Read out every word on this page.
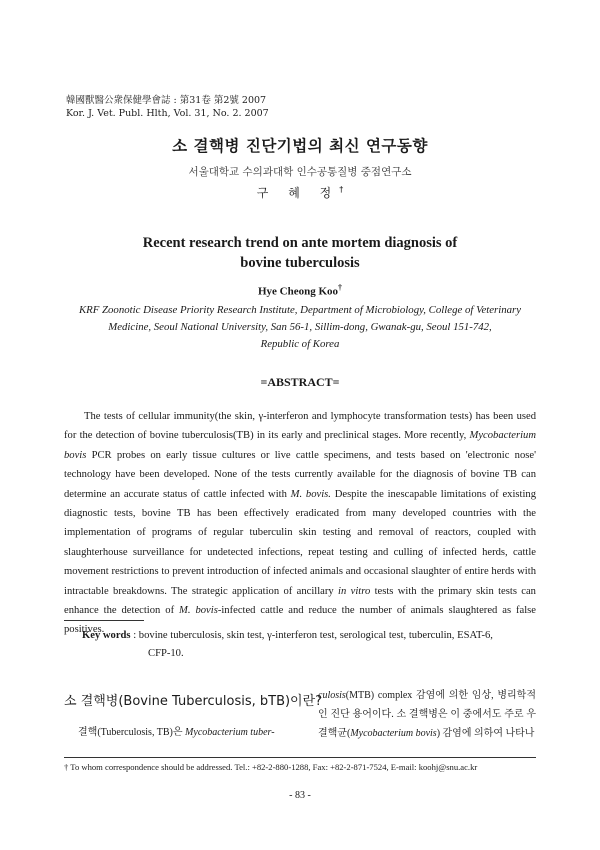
韓國獸醫公衆保健學會誌 : 第31卷 第2號 2007
Kor. J. Vet. Publ. Hlth, Vol. 31, No. 2. 2007
소 결핵병 진단기법의 최신 연구동향
서울대학교 수의과대학 인수공통질병 중점연구소
구 혜 정†
Recent research trend on ante mortem diagnosis of
bovine tuberculosis
Hye Cheong Koo†
KRF Zoonotic Disease Priority Research Institute, Department of Microbiology, College of Veterinary
Medicine, Seoul National University, San 56-1, Sillim-dong, Gwanak-gu, Seoul 151-742,
Republic of Korea
=ABSTRACT=

The tests of cellular immunity(the skin, γ-interferon and lymphocyte transformation tests) has been used for the detection of bovine tuberculosis(TB) in its early and preclinical stages. More recently, Mycobacterium bovis PCR probes on early tissue cultures or live cattle specimens, and tests based on 'electronic nose' technology have been developed. None of the tests currently available for the diagnosis of bovine TB can determine an accurate status of cattle infected with M. bovis. Despite the inescapable limitations of existing diagnostic tests, bovine TB has been effectively eradicated from many developed countries with the implementation of programs of regular tuberculin skin testing and removal of reactors, coupled with slaughterhouse surveillance for undetected infections, repeat testing and culling of infected herds, cattle movement restrictions to prevent introduction of infected animals and occasional slaughter of entire herds with intractable breakdowns. The strategic application of ancillary in vitro tests with the primary skin tests can enhance the detection of M. bovis-infected cattle and reduce the number of animals slaughtered as false positives.

Key words : bovine tuberculosis, skin test, γ-interferon test, serological test, tuberculin, ESAT-6,
CFP-10.
소 결핵병(Bovine Tuberculosis, bTB)이란?
결핵(Tuberculosis, TB)은 Mycobacterium tuber-
culosis(MTB) complex 감염에 의한 임상, 병리학적인 진단 용어이다. 소 결핵병은 이 중에서도 주로 우결핵균(Mycobacterium bovis) 감염에 의하여 나타나
† To whom correspondence should be addressed. Tel.: +82-2-880-1288, Fax: +82-2-871-7524, E-mail: koohj@snu.ac.kr
- 83 -
